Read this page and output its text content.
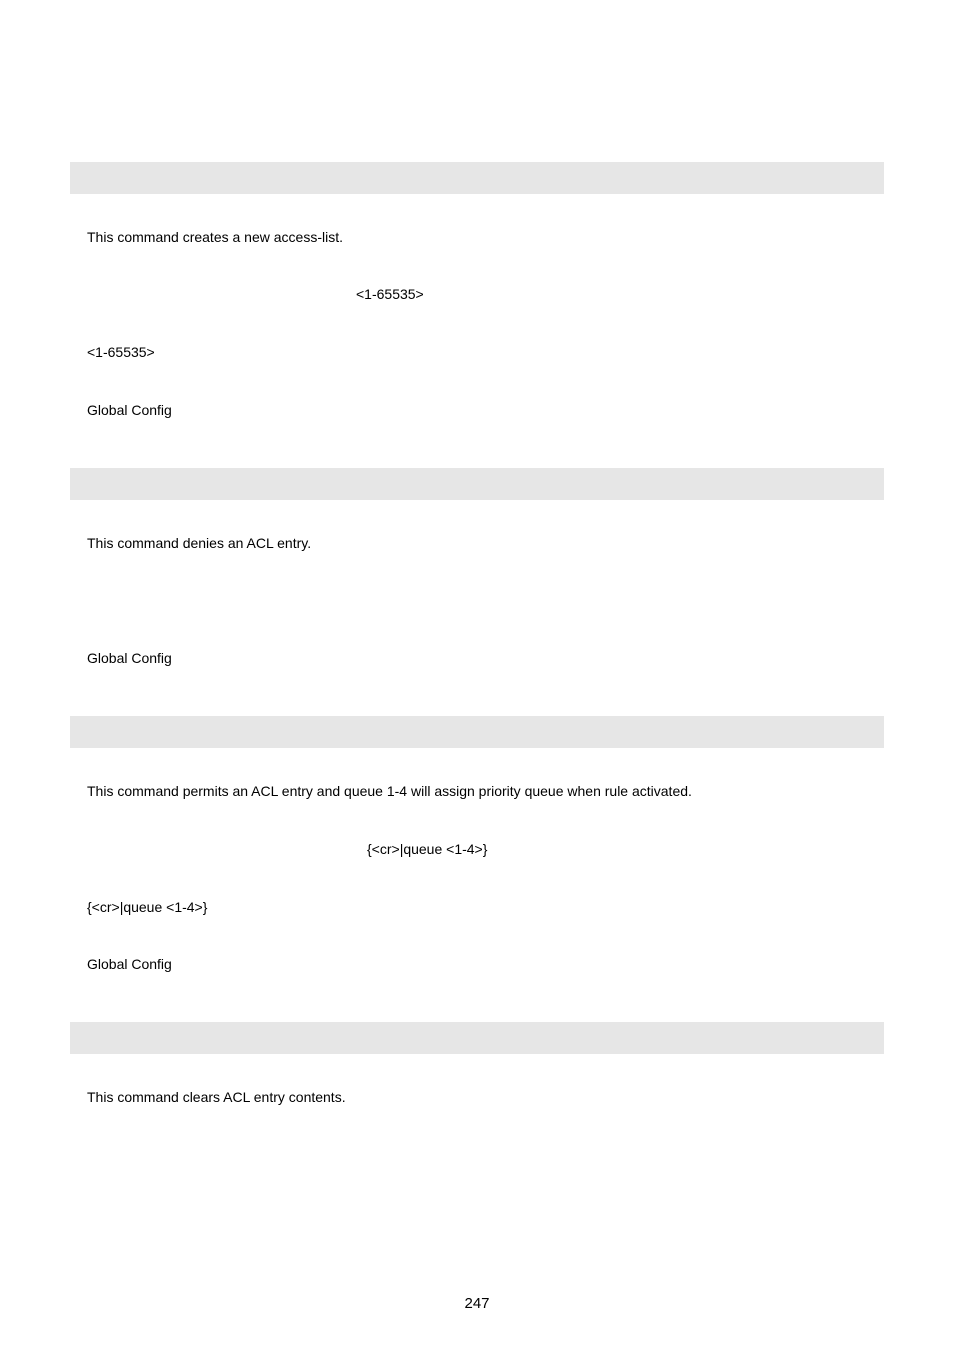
This command creates a new access-list.
<1-65535>
<1-65535>
Global Config
This command denies an ACL entry.
Global Config
This command permits an ACL entry and queue 1-4 will assign priority queue when rule activated.
{<cr>|queue <1-4>}
{<cr>|queue <1-4>}
Global Config
This command clears ACL entry contents.
247
